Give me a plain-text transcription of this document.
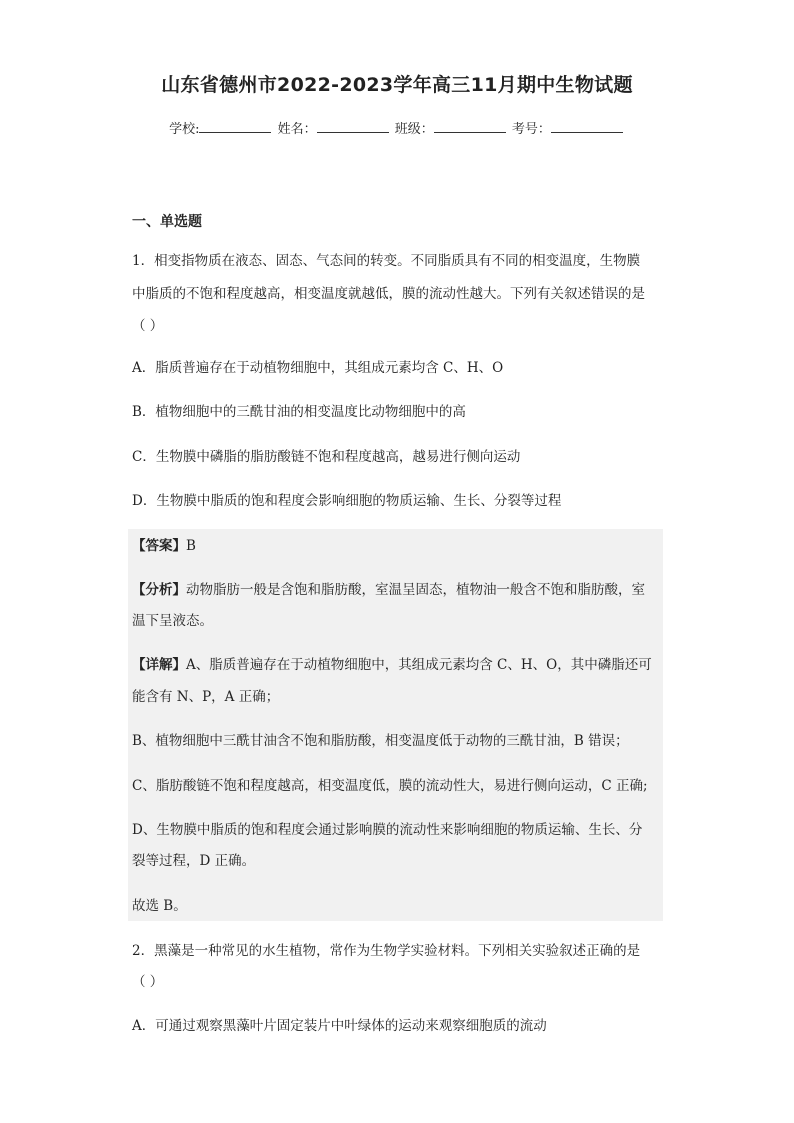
山东省德州市2022-2023学年高三11月期中生物试题
学校:	姓名：	班级：	考号：
一、单选题
1．相变指物质在液态、固态、气态间的转变。不同脂质具有不同的相变温度，生物膜
中脂质的不饱和程度越高，相变温度就越低，膜的流动性越大。下列有关叙述错误的是
（ ）
A．脂质普遍存在于动植物细胞中，其组成元素均含 C、H、O
B．植物细胞中的三酰甘油的相变温度比动物细胞中的高
C．生物膜中磷脂的脂肪酸链不饱和程度越高，越易进行侧向运动
D．生物膜中脂质的饱和程度会影响细胞的物质运输、生长、分裂等过程
【答案】B
【分析】动物脂肪一般是含饱和脂肪酸，室温呈固态，植物油一般含不饱和脂肪酸，室
温下呈液态。
【详解】A、脂质普遍存在于动植物细胞中，其组成元素均含 C、H、O，其中磷脂还可
能含有 N、P，A 正确；
B、植物细胞中三酰甘油含不饱和脂肪酸，相变温度低于动物的三酰甘油，B 错误；
C、脂肪酸链不饱和程度越高，相变温度低，膜的流动性大，易进行侧向运动，C 正确;
D、生物膜中脂质的饱和程度会通过影响膜的流动性来影响细胞的物质运输、生长、分
裂等过程，D 正确。
故选 B。
2．黑藻是一种常见的水生植物，常作为生物学实验材料。下列相关实验叙述正确的是
（ ）
A．可通过观察黑藻叶片固定装片中叶绿体的运动来观察细胞质的流动
